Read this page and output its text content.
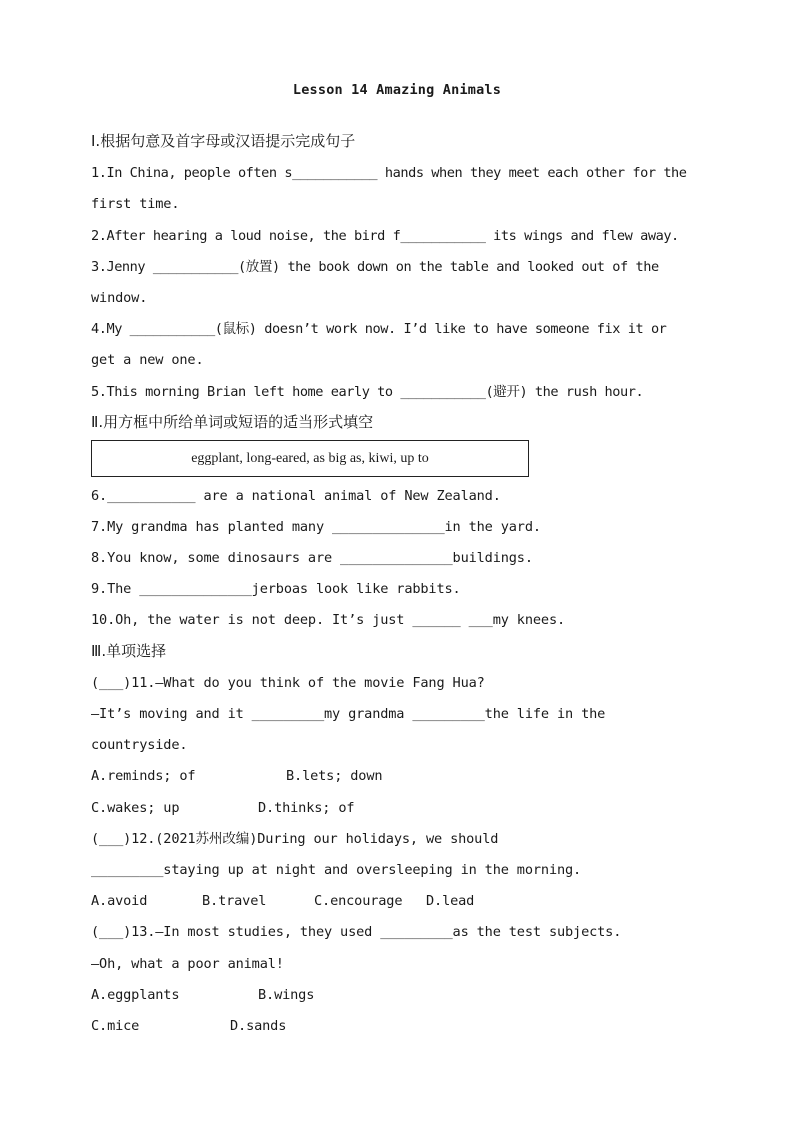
Lesson 14 Amazing Animals
Ⅰ.根据句意及首字母或汉语提示完成句子
1.In China, people often s___________ hands when they meet each other for the
first time.
2.After hearing a loud noise, the bird f___________ its wings and flew away.
3.Jenny ___________(放置) the book down on the table and looked out of the
window.
4.My ___________(鼠标) doesn’t work now. I’d like to have someone fix it or
get a new one.
5.This morning Brian left home early to ___________(避开) the rush hour.
Ⅱ.用方框中所给单词或短语的适当形式填空
eggplant, long-eared, as big as, kiwi, up to
6.___________ are a national animal of New Zealand.
7.My grandma has planted many ______________in the yard.
8.You know, some dinosaurs are ______________buildings.
9.The ______________jerboas look like rabbits.
10.Oh, the water is not deep. It’s just ______ ___my knees.
Ⅲ.单项选择
(___)11.—What do you think of the movie Fang Hua?
—It’s moving and it _________my grandma _________the life in the
countryside.
A.reminds; of	B.lets; down
C.wakes; up	D.thinks; of
(___)12.(2021苏州改编)During our holidays, we should
_________staying up at night and oversleeping in the morning.
A.avoid	B.travel	C.encourage D.lead
(___)13.—In most studies, they used _________as the test subjects.
—Oh, what a poor animal!
A.eggplants	B.wings
C.mice	D.sands
